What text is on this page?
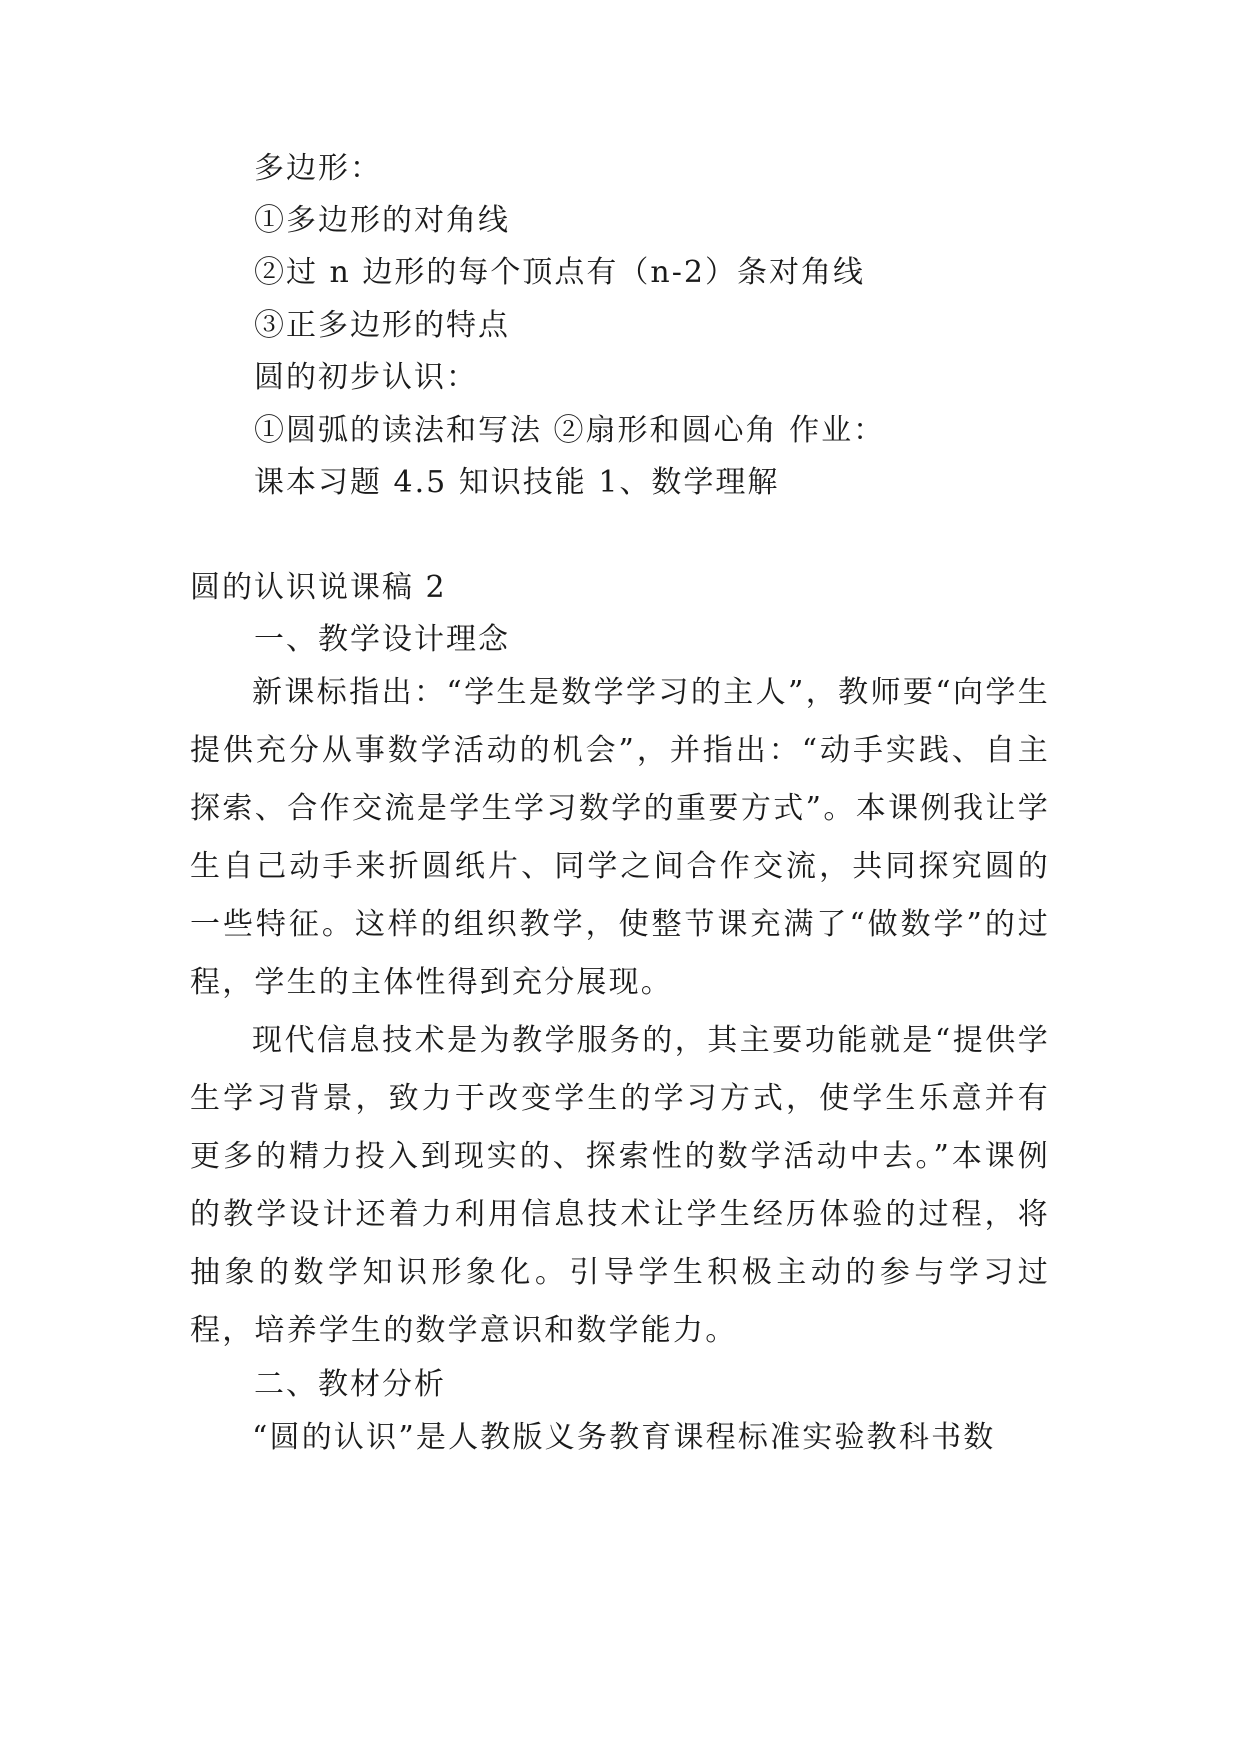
多边形：
①多边形的对角线
②过 n 边形的每个顶点有（n-2）条对角线
③正多边形的特点
圆的初步认识：
①圆弧的读法和写法 ②扇形和圆心角 作业：
课本习题 4.5 知识技能 1、数学理解
圆的认识说课稿 2
一、教学设计理念
新课标指出：“学生是数学学习的主人”，教师要“向学生提供充分从事数学活动的机会”，并指出：“动手实践、自主探索、合作交流是学生学习数学的重要方式”。本课例我让学生自己动手来折圆纸片、同学之间合作交流，共同探究圆的一些特征。这样的组织教学，使整节课充满了“做数学”的过程，学生的主体性得到充分展现。
现代信息技术是为教学服务的，其主要功能就是“提供学生学习背景，致力于改变学生的学习方式，使学生乐意并有更多的精力投入到现实的、探索性的数学活动中去。”本课例的教学设计还着力利用信息技术让学生经历体验的过程，将抽象的数学知识形象化。引导学生积极主动的参与学习过程，培养学生的数学意识和数学能力。
二、教材分析
“圆的认识”是人教版义务教育课程标准实验教科书数
